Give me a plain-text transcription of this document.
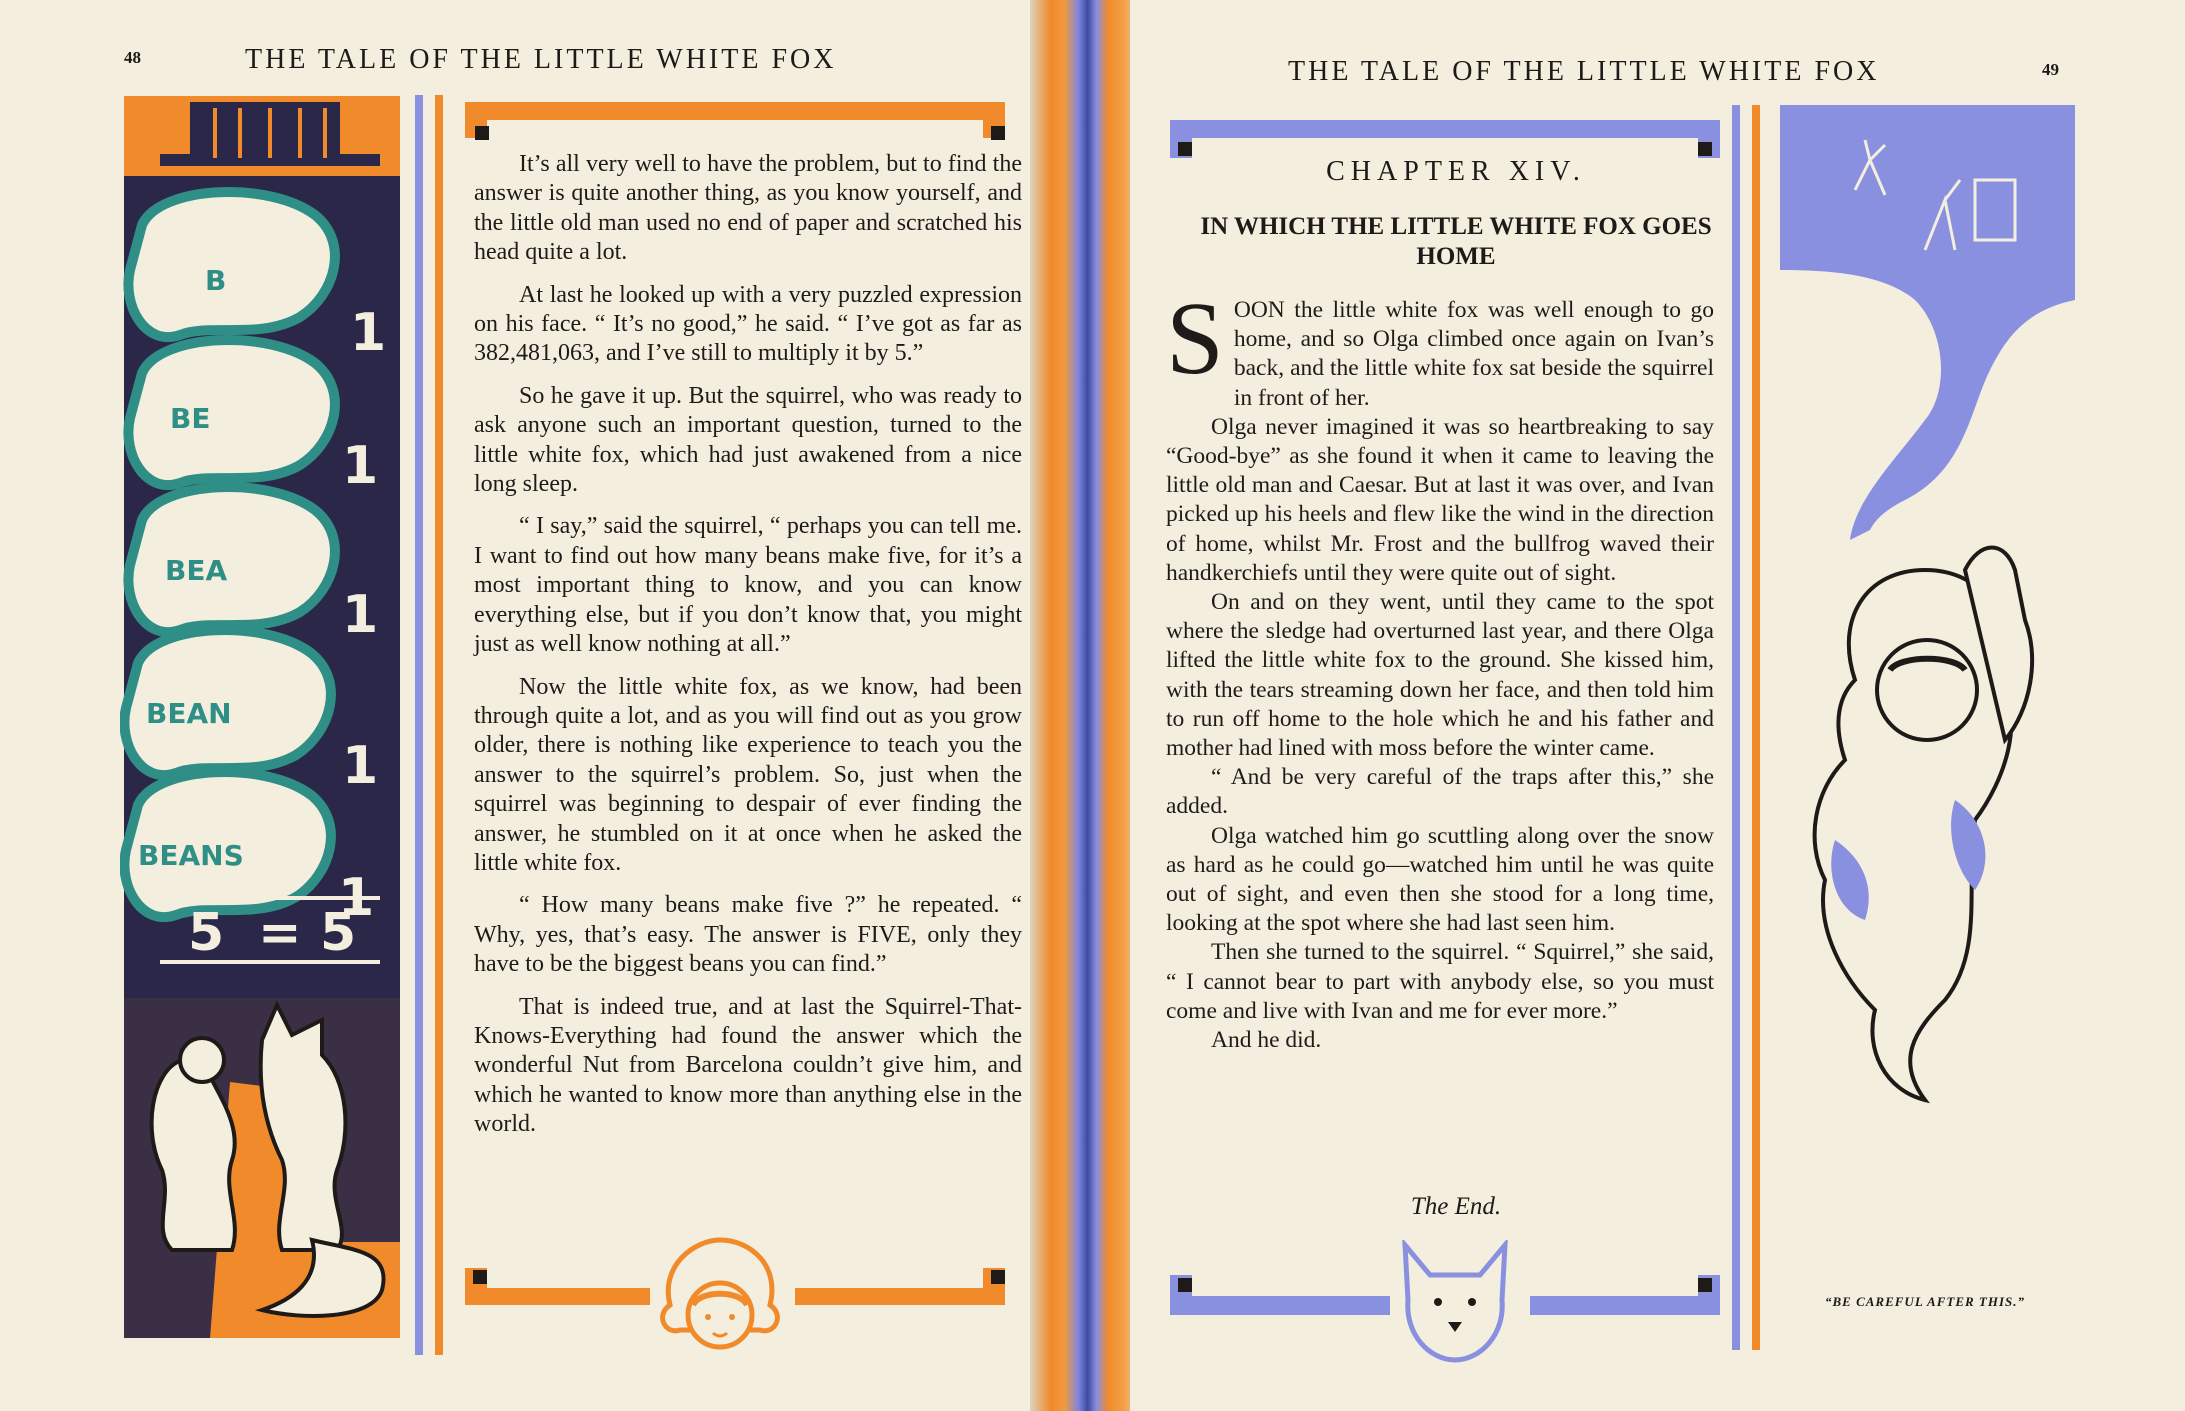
48	THE TALE OF THE LITTLE WHITE FOX
B
1
BE
1
BEA
1
BEAN
1
BEANS
1
5 = 5

It’s all very well to have the problem, but to find the answer is quite another thing, as you know yourself, and the little old man used no end of paper and scratched his head quite a lot.

At last he looked up with a very puzzled expression on his face. “ It’s no good,” he said. “ I’ve got as far as 382,481,063, and I’ve still to multiply it by 5.”

So he gave it up. But the squirrel, who was ready to ask anyone such an important question, turned to the little white fox, which had just awakened from a nice long sleep.

“ I say,” said the squirrel, “ perhaps you can tell me. I want to find out how many beans make five, for it’s a most important thing to know, and you can know everything else, but if you don’t know that, you might just as well know nothing at all.”

Now the little white fox, as we know, had been through quite a lot, and as you will find out as you grow older, there is nothing like experience to teach you the answer to the squirrel’s problem. So, just when the squirrel was beginning to despair of ever finding the answer, he stumbled on it at once when he asked the little white fox.

“ How many beans make five ?” he repeated. “ Why, yes, that’s easy. The answer is FIVE, only they have to be the biggest beans you can find.”

That is indeed true, and at last the Squirrel-That-Knows-Everything had found the answer which the wonderful Nut from Barcelona couldn’t give him, and which he wanted to know more than anything else in the world.

THE TALE OF THE LITTLE WHITE FOX	49
CHAPTER XIV.
IN WHICH THE LITTLE WHITE FOX GOES HOME

SOON the little white fox was well enough to go home, and so Olga climbed once again on Ivan’s back, and the little white fox sat beside the squirrel in front of her.

Olga never imagined it was so heartbreaking to say “Good-bye” as she found it when it came to leaving the little old man and Caesar. But at last it was over, and Ivan picked up his heels and flew like the wind in the direction of home, whilst Mr. Frost and the bullfrog waved their handkerchiefs until they were quite out of sight.

On and on they went, until they came to the spot where the sledge had overturned last year, and there Olga lifted the little white fox to the ground. She kissed him, with the tears streaming down her face, and then told him to run off home to the hole which he and his father and mother had lined with moss before the winter came.

“ And be very careful of the traps after this,” she added.

Olga watched him go scuttling along over the snow as hard as he could go—watched him until he was quite out of sight, and even then she stood for a long time, looking at the spot where she had last seen him.

Then she turned to the squirrel. “ Squirrel,” she said, “ I cannot bear to part with anybody else, so you must come and live with Ivan and me for ever more.”

And he did.

The End.
“BE CAREFUL AFTER THIS.”
